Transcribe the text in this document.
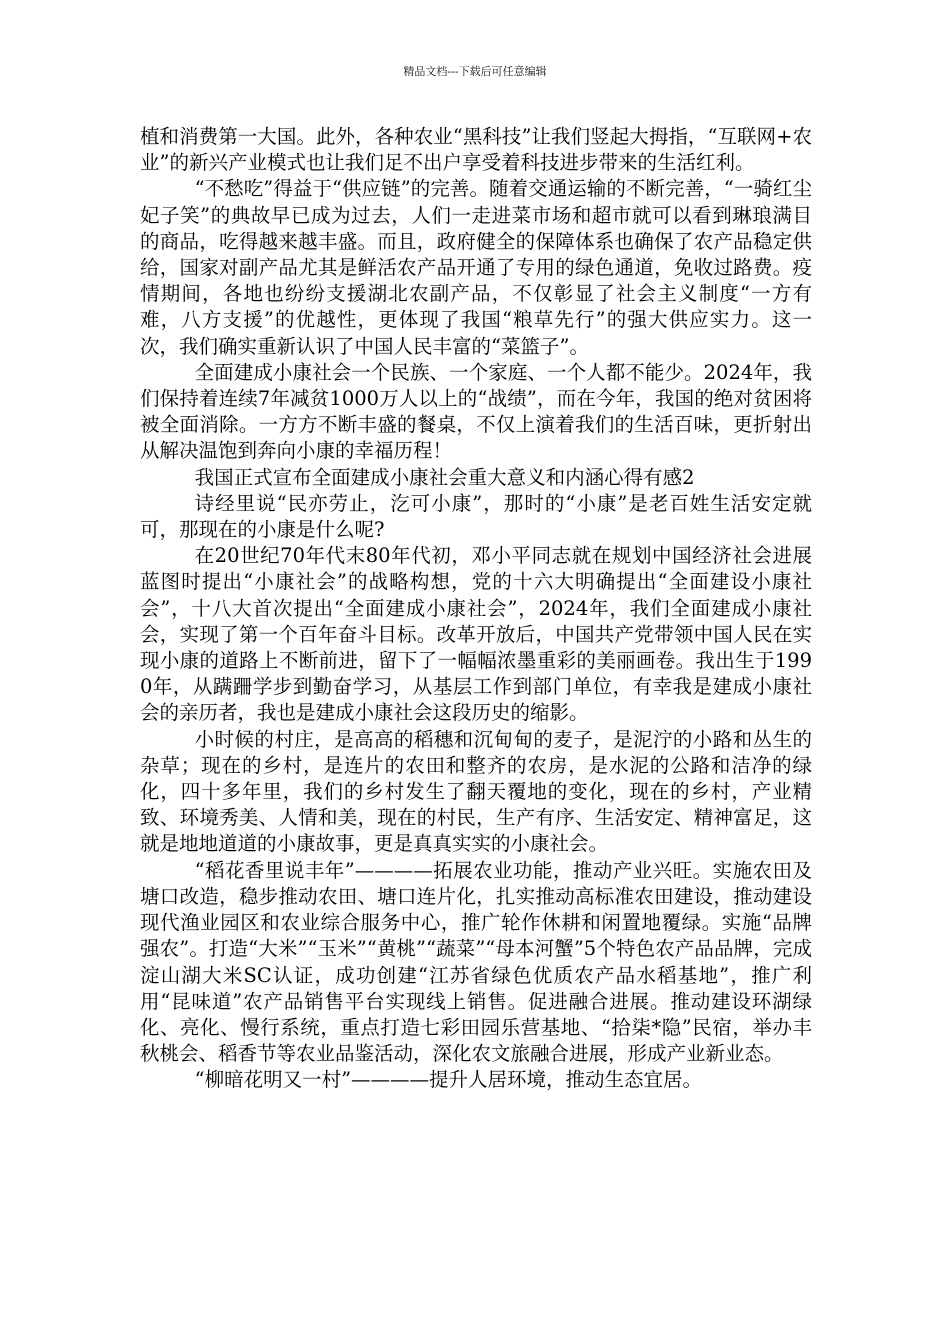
精品文档---下载后可任意编辑

植和消费第一大国。此外，各种农业“黑科技”让我们竖起大拇指，“互联网+农业”的新兴产业模式也让我们足不出户享受着科技进步带来的生活红利。

“不愁吃”得益于“供应链”的完善。随着交通运输的不断完善，“一骑红尘妃子笑”的典故早已成为过去，人们一走进菜市场和超市就可以看到琳琅满目的商品，吃得越来越丰盛。而且，政府健全的保障体系也确保了农产品稳定供给，国家对副产品尤其是鲜活农产品开通了专用的绿色通道，免收过路费。疫情期间，各地也纷纷支援湖北农副产品，不仅彰显了社会主义制度“一方有难，八方支援”的优越性，更体现了我国“粮草先行”的强大供应实力。这一次，我们确实重新认识了中国人民丰富的“菜篮子”。

全面建成小康社会一个民族、一个家庭、一个人都不能少。2024年，我们保持着连续7年减贫1000万人以上的“战绩”，而在今年，我国的绝对贫困将被全面消除。一方方不断丰盛的餐桌，不仅上演着我们的生活百味，更折射出从解决温饱到奔向小康的幸福历程！

我国正式宣布全面建成小康社会重大意义和内涵心得有感2

诗经里说“民亦劳止，汔可小康”，那时的“小康”是老百姓生活安定就可，那现在的小康是什么呢?

在20世纪70年代末80年代初，邓小平同志就在规划中国经济社会进展蓝图时提出“小康社会”的战略构想，党的十六大明确提出“全面建设小康社会”，十八大首次提出“全面建成小康社会”，2024年，我们全面建成小康社会，实现了第一个百年奋斗目标。改革开放后，中国共产党带领中国人民在实现小康的道路上不断前进，留下了一幅幅浓墨重彩的美丽画卷。我出生于1990年，从蹒跚学步到勤奋学习，从基层工作到部门单位，有幸我是建成小康社会的亲历者，我也是建成小康社会这段历史的缩影。

小时候的村庄，是高高的稻穗和沉甸甸的麦子，是泥泞的小路和丛生的杂草；现在的乡村，是连片的农田和整齐的农房，是水泥的公路和洁净的绿化，四十多年里，我们的乡村发生了翻天覆地的变化，现在的乡村，产业精致、环境秀美、人情和美，现在的村民，生产有序、生活安定、精神富足，这就是地地道道的小康故事，更是真真实实的小康社会。

“稻花香里说丰年”————拓展农业功能，推动产业兴旺。实施农田及塘口改造，稳步推动农田、塘口连片化，扎实推动高标准农田建设，推动建设现代渔业园区和农业综合服务中心，推广轮作休耕和闲置地覆绿。实施“品牌强农”。打造“大米”“玉米”“黄桃”“蔬菜”“母本河蟹”5个特色农产品品牌，完成淀山湖大米SC认证，成功创建“江苏省绿色优质农产品水稻基地”，推广利用“昆味道”农产品销售平台实现线上销售。促进融合进展。推动建设环湖绿化、亮化、慢行系统，重点打造七彩田园乐营基地、“拾柒*隐”民宿，举办丰秋桃会、稻香节等农业品鉴活动，深化农文旅融合进展，形成产业新业态。

“柳暗花明又一村”————提升人居环境，推动生态宜居。
